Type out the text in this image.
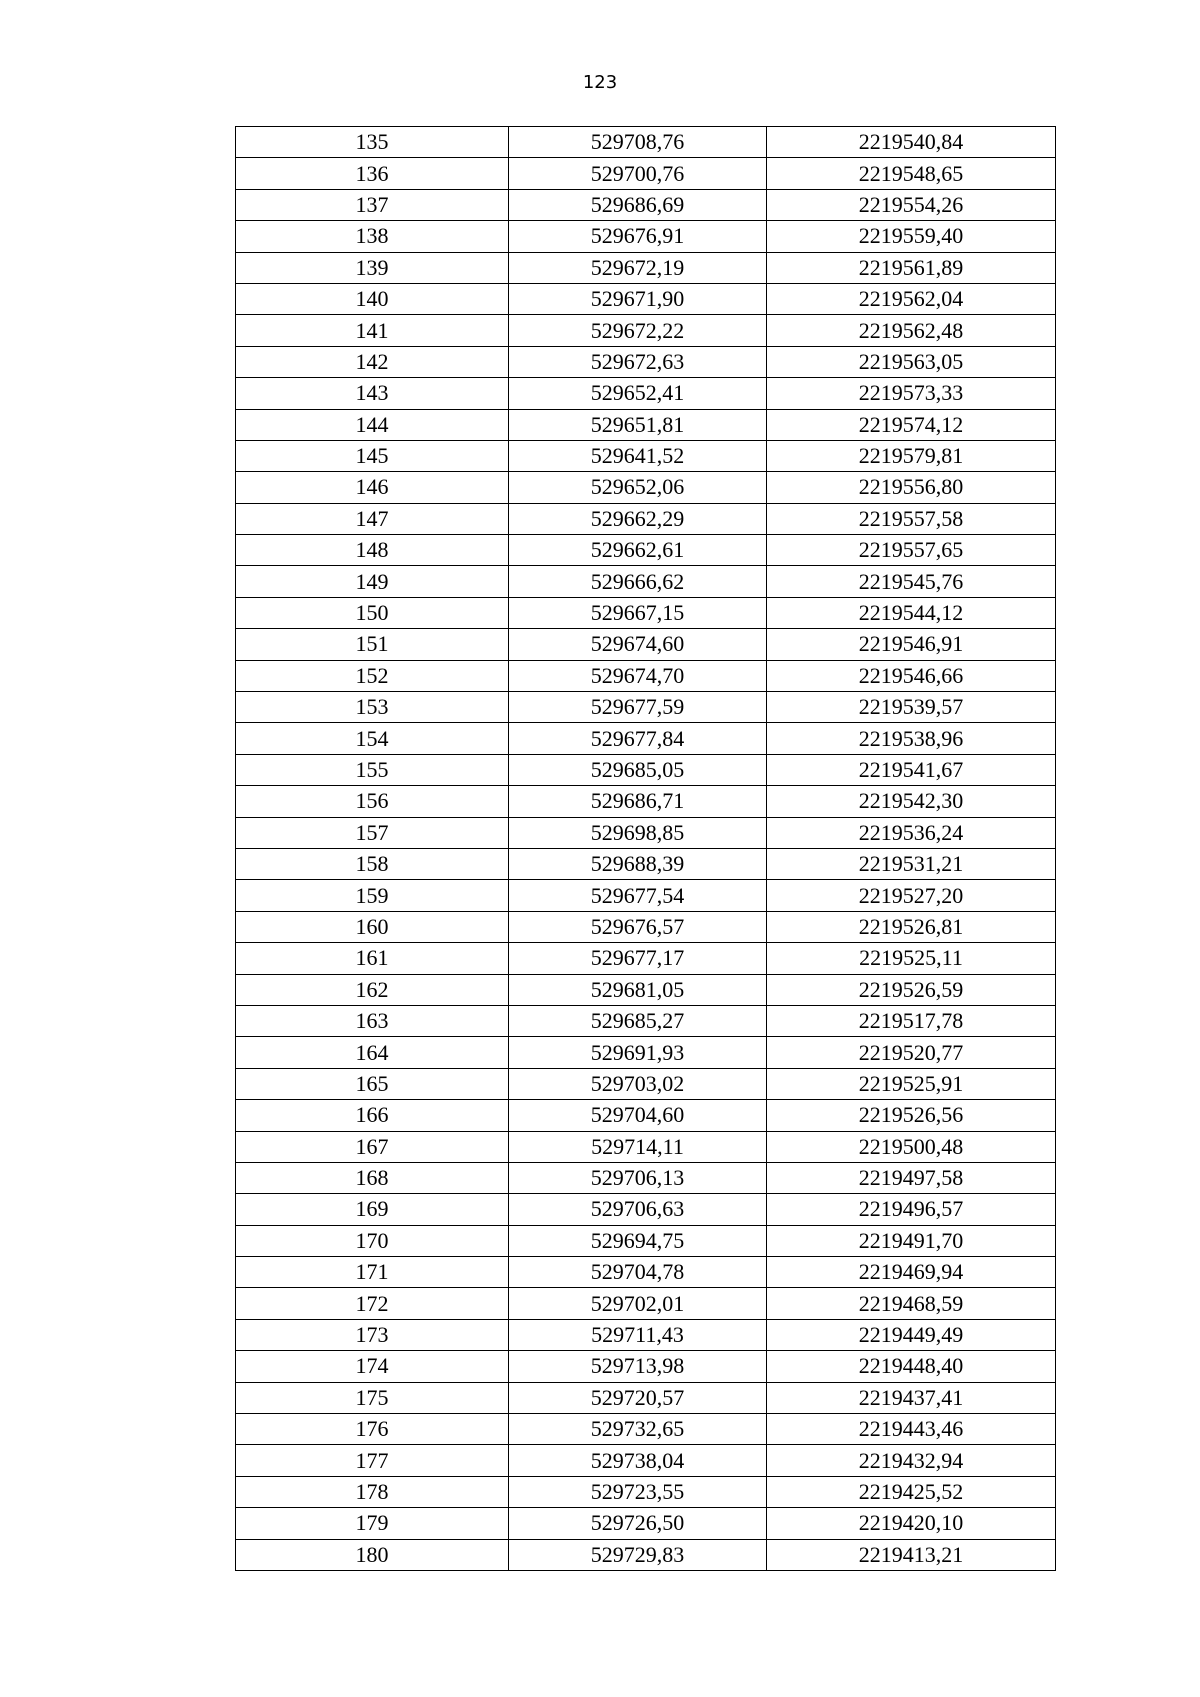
123
135	529708,76	2219540,84
136	529700,76	2219548,65
137	529686,69	2219554,26
138	529676,91	2219559,40
139	529672,19	2219561,89
140	529671,90	2219562,04
141	529672,22	2219562,48
142	529672,63	2219563,05
143	529652,41	2219573,33
144	529651,81	2219574,12
145	529641,52	2219579,81
146	529652,06	2219556,80
147	529662,29	2219557,58
148	529662,61	2219557,65
149	529666,62	2219545,76
150	529667,15	2219544,12
151	529674,60	2219546,91
152	529674,70	2219546,66
153	529677,59	2219539,57
154	529677,84	2219538,96
155	529685,05	2219541,67
156	529686,71	2219542,30
157	529698,85	2219536,24
158	529688,39	2219531,21
159	529677,54	2219527,20
160	529676,57	2219526,81
161	529677,17	2219525,11
162	529681,05	2219526,59
163	529685,27	2219517,78
164	529691,93	2219520,77
165	529703,02	2219525,91
166	529704,60	2219526,56
167	529714,11	2219500,48
168	529706,13	2219497,58
169	529706,63	2219496,57
170	529694,75	2219491,70
171	529704,78	2219469,94
172	529702,01	2219468,59
173	529711,43	2219449,49
174	529713,98	2219448,40
175	529720,57	2219437,41
176	529732,65	2219443,46
177	529738,04	2219432,94
178	529723,55	2219425,52
179	529726,50	2219420,10
180	529729,83	2219413,21
